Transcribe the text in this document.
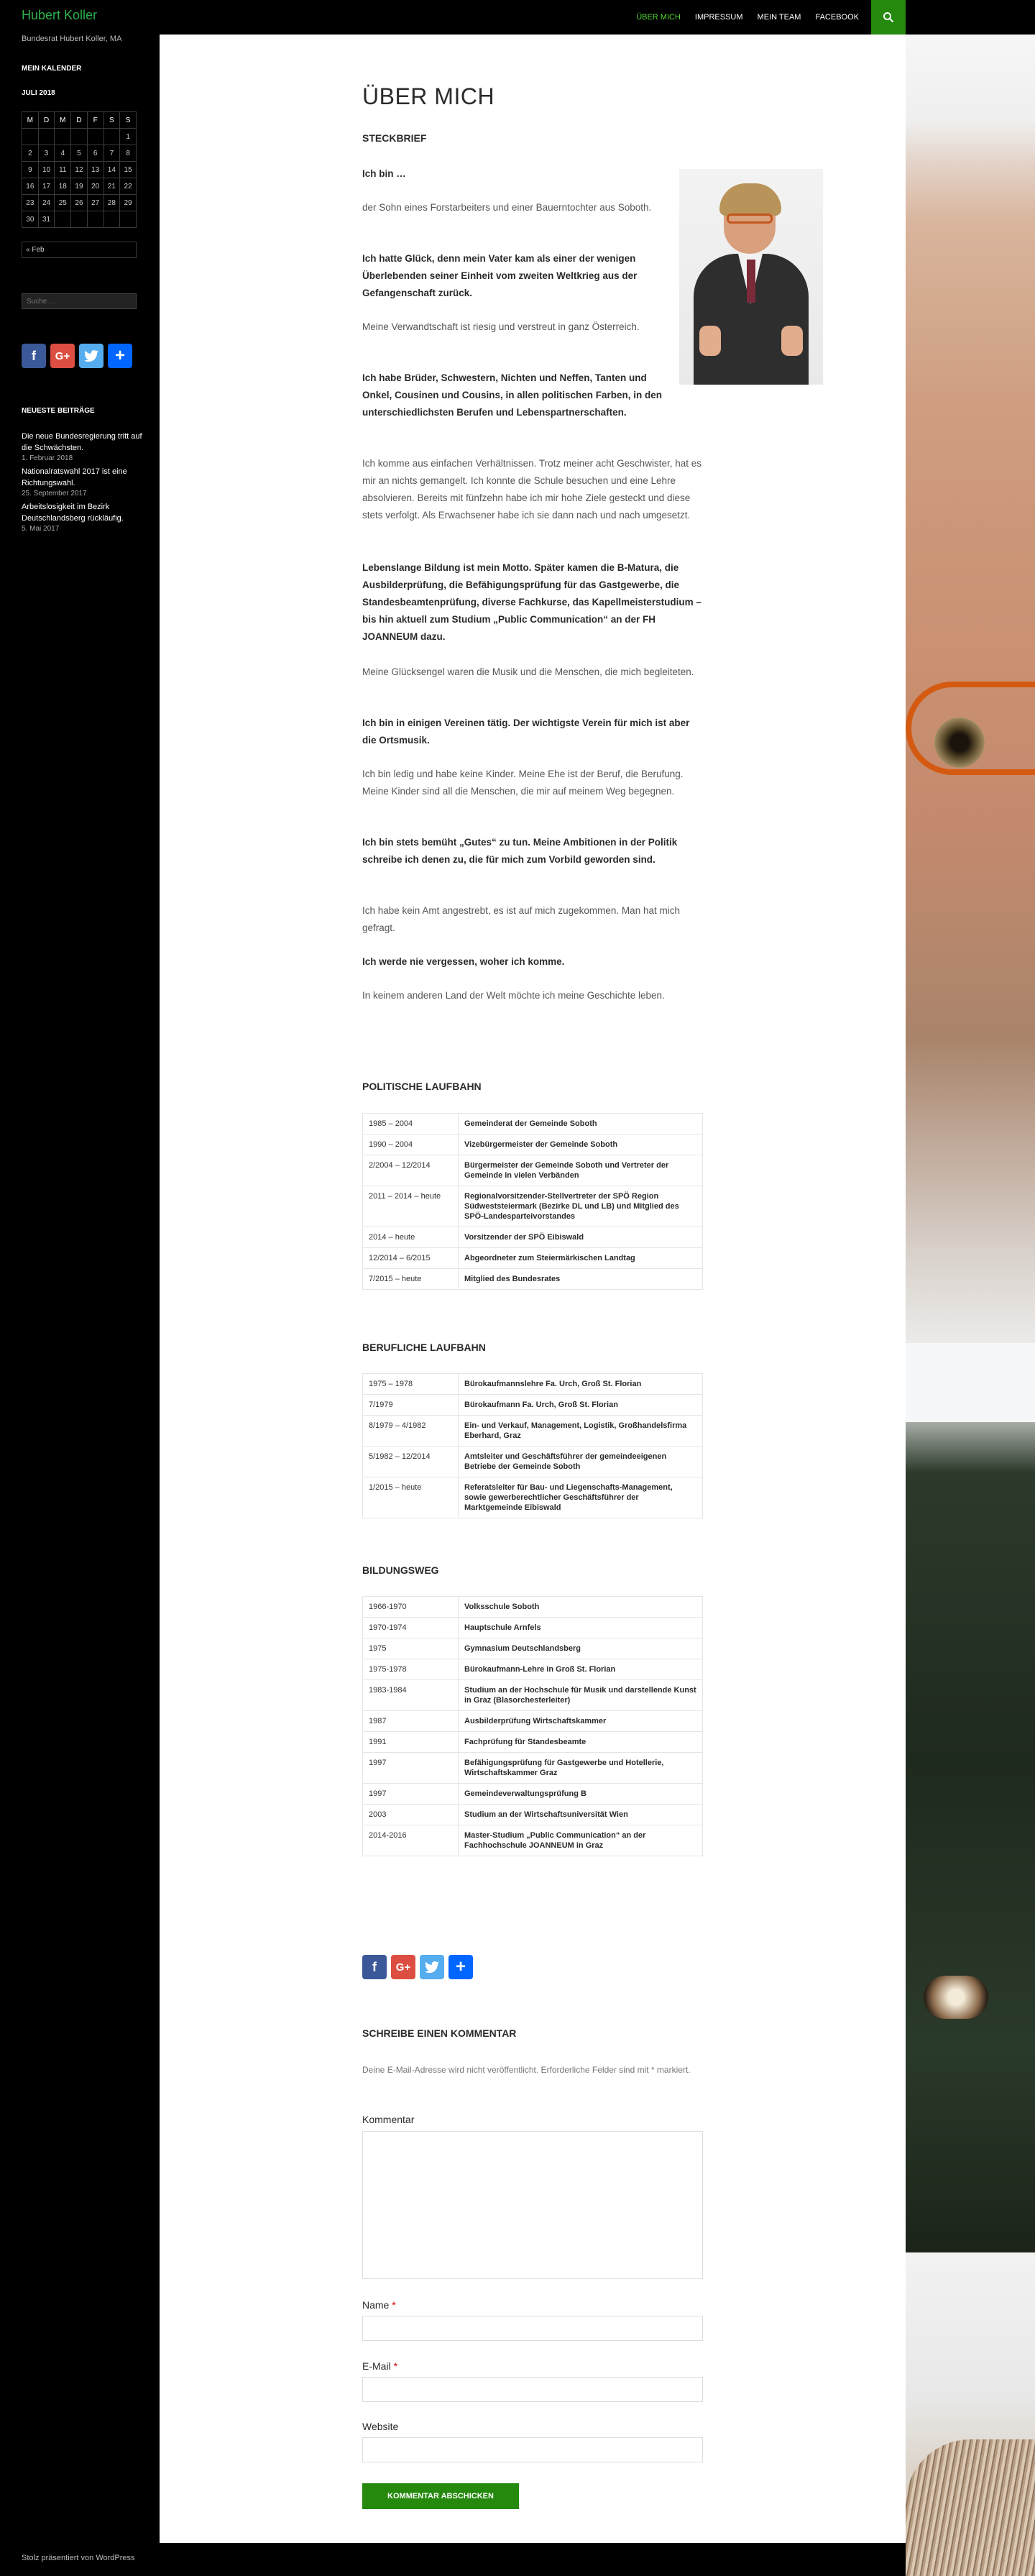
Hubert Koller	ÜBER MICH	IMPRESSUM	MEIN TEAM	FACEBOOK
Bundesrat Hubert Koller, MA
MEIN KALENDER
JULI 2018
M	D	M	D	F	S	S
						1
2	3	4	5	6	7	8
9	10	11	12	13	14	15
16	17	18	19	20	21	22
23	24	25	26	27	28	29
30	31					
« Feb
Suche …
f	G+	+
NEUESTE BEITRÄGE
Die neue Bundesregierung tritt auf die Schwächsten.
1. Februar 2018
Nationalratswahl 2017 ist eine Richtungswahl.
25. September 2017
Arbeitslosigkeit im Bezirk Deutschlandsberg rückläufig.
5. Mai 2017
ÜBER MICH
STECKBRIEF

Ich bin …

der Sohn eines Forstarbeiters und einer Bauerntochter aus Soboth.

Ich hatte Glück, denn mein Vater kam als einer der wenigen Überlebenden seiner Einheit vom zweiten Weltkrieg aus der Gefangenschaft zurück.

Meine Verwandtschaft ist riesig und verstreut in ganz Österreich.

Ich habe Brüder, Schwestern, Nichten und Neffen, Tanten und Onkel, Cousinen und Cousins, in allen politischen Farben, in den unterschiedlichsten Berufen und Lebenspartnerschaften.

Ich komme aus einfachen Verhältnissen. Trotz meiner acht Geschwister, hat es mir an nichts gemangelt. Ich konnte die Schule besuchen und eine Lehre absolvieren. Bereits mit fünfzehn habe ich mir hohe Ziele gesteckt und diese stets verfolgt. Als Erwachsener habe ich sie dann nach und nach umgesetzt.

Lebenslange Bildung ist mein Motto. Später kamen die B-Matura, die Ausbilderprüfung, die Befähigungsprüfung für das Gastgewerbe, die Standesbeamtenprüfung, diverse Fachkurse, das Kapellmeisterstudium – bis hin aktuell zum Studium „Public Communication“ an der FH JOANNEUM dazu.

Meine Glücksengel waren die Musik und die Menschen, die mich begleiteten.

Ich bin in einigen Vereinen tätig. Der wichtigste Verein für mich ist aber die Ortsmusik.

Ich bin ledig und habe keine Kinder. Meine Ehe ist der Beruf, die Berufung. Meine Kinder sind all die Menschen, die mir auf meinem Weg begegnen.

Ich bin stets bemüht „Gutes“ zu tun. Meine Ambitionen in der Politik schreibe ich denen zu, die für mich zum Vorbild geworden sind.

Ich habe kein Amt angestrebt, es ist auf mich zugekommen. Man hat mich gefragt.

Ich werde nie vergessen, woher ich komme.

In keinem anderen Land der Welt möchte ich meine Geschichte leben.

POLITISCHE LAUFBAHN
1985 – 2004	Gemeinderat der Gemeinde Soboth
1990 – 2004	Vizebürgermeister der Gemeinde Soboth
2/2004 – 12/2014	Bürgermeister der Gemeinde Soboth und Vertreter der Gemeinde in vielen Verbänden
2011 – 2014 – heute	Regionalvorsitzender-Stellvertreter der SPÖ Region Südweststeiermark (Bezirke DL und LB) und Mitglied des SPÖ-Landesparteivorstandes
2014 – heute	Vorsitzender der SPÖ Eibiswald
12/2014 – 6/2015	Abgeordneter zum Steiermärkischen Landtag
7/2015 – heute	Mitglied des Bundesrates
BERUFLICHE LAUFBAHN
1975 – 1978	Bürokaufmannslehre Fa. Urch, Groß St. Florian
7/1979	Bürokaufmann Fa. Urch, Groß St. Florian
8/1979 – 4/1982	Ein- und Verkauf, Management, Logistik, Großhandelsfirma Eberhard, Graz
5/1982 – 12/2014	Amtsleiter und Geschäftsführer der gemeindeeigenen Betriebe der Gemeinde Soboth
1/2015 – heute	Referatsleiter für Bau- und Liegenschafts-Management, sowie gewerberechtlicher Geschäftsführer der Marktgemeinde Eibiswald
BILDUNGSWEG
1966-1970	Volksschule Soboth
1970-1974	Hauptschule Arnfels
1975	Gymnasium Deutschlandsberg
1975-1978	Bürokaufmann-Lehre in Groß St. Florian
1983-1984	Studium an der Hochschule für Musik und darstellende Kunst in Graz (Blasorchesterleiter)
1987	Ausbilderprüfung Wirtschaftskammer
1991	Fachprüfung für Standesbeamte
1997	Befähigungsprüfung für Gastgewerbe und Hotellerie, Wirtschaftskammer Graz
1997	Gemeindeverwaltungsprüfung B
2003	Studium an der Wirtschaftsuniversität Wien
2014-2016	Master-Studium „Public Communication“ an der Fachhochschule JOANNEUM in Graz
f	G+	+
SCHREIBE EINEN KOMMENTAR

Deine E-Mail-Adresse wird nicht veröffentlicht. Erforderliche Felder sind mit * markiert.

Kommentar
Name *
E-Mail *
Website
KOMMENTAR ABSCHICKEN
Stolz präsentiert von WordPress
